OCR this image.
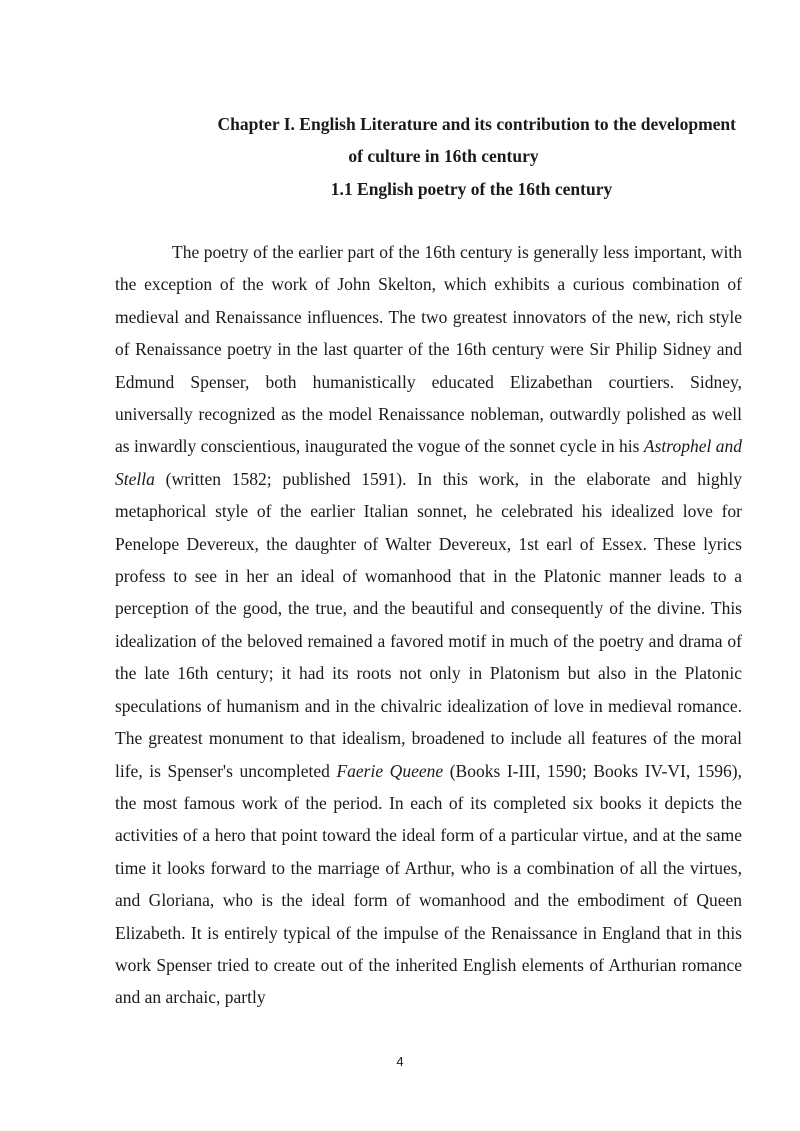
Chapter I. English Literature and its contribution to the development
of culture in 16th century
1.1 English poetry of the 16th century

The poetry of the earlier part of the 16th century is generally less important, with the exception of the work of John Skelton, which exhibits a curious combination of medieval and Renaissance influences. The two greatest innovators of the new, rich style of Renaissance poetry in the last quarter of the 16th century were Sir Philip Sidney and Edmund Spenser, both humanistically educated Elizabethan courtiers. Sidney, universally recognized as the model Renaissance nobleman, outwardly polished as well as inwardly conscientious, inaugurated the vogue of the sonnet cycle in his Astrophel and Stella (written 1582; published 1591). In this work, in the elaborate and highly metaphorical style of the earlier Italian sonnet, he celebrated his idealized love for Penelope Devereux, the daughter of Walter Devereux, 1st earl of Essex. These lyrics profess to see in her an ideal of womanhood that in the Platonic manner leads to a perception of the good, the true, and the beautiful and consequently of the divine. This idealization of the beloved remained a favored motif in much of the poetry and drama of the late 16th century; it had its roots not only in Platonism but also in the Platonic speculations of humanism and in the chivalric idealization of love in medieval romance. The greatest monument to that idealism, broadened to include all features of the moral life, is Spenser's uncompleted Faerie Queene (Books I-III, 1590; Books IV-VI, 1596), the most famous work of the period. In each of its completed six books it depicts the activities of a hero that point toward the ideal form of a particular virtue, and at the same time it looks forward to the marriage of Arthur, who is a combination of all the virtues, and Gloriana, who is the ideal form of womanhood and the embodiment of Queen Elizabeth. It is entirely typical of the impulse of the Renaissance in England that in this work Spenser tried to create out of the inherited English elements of Arthurian romance and an archaic, partly

4
